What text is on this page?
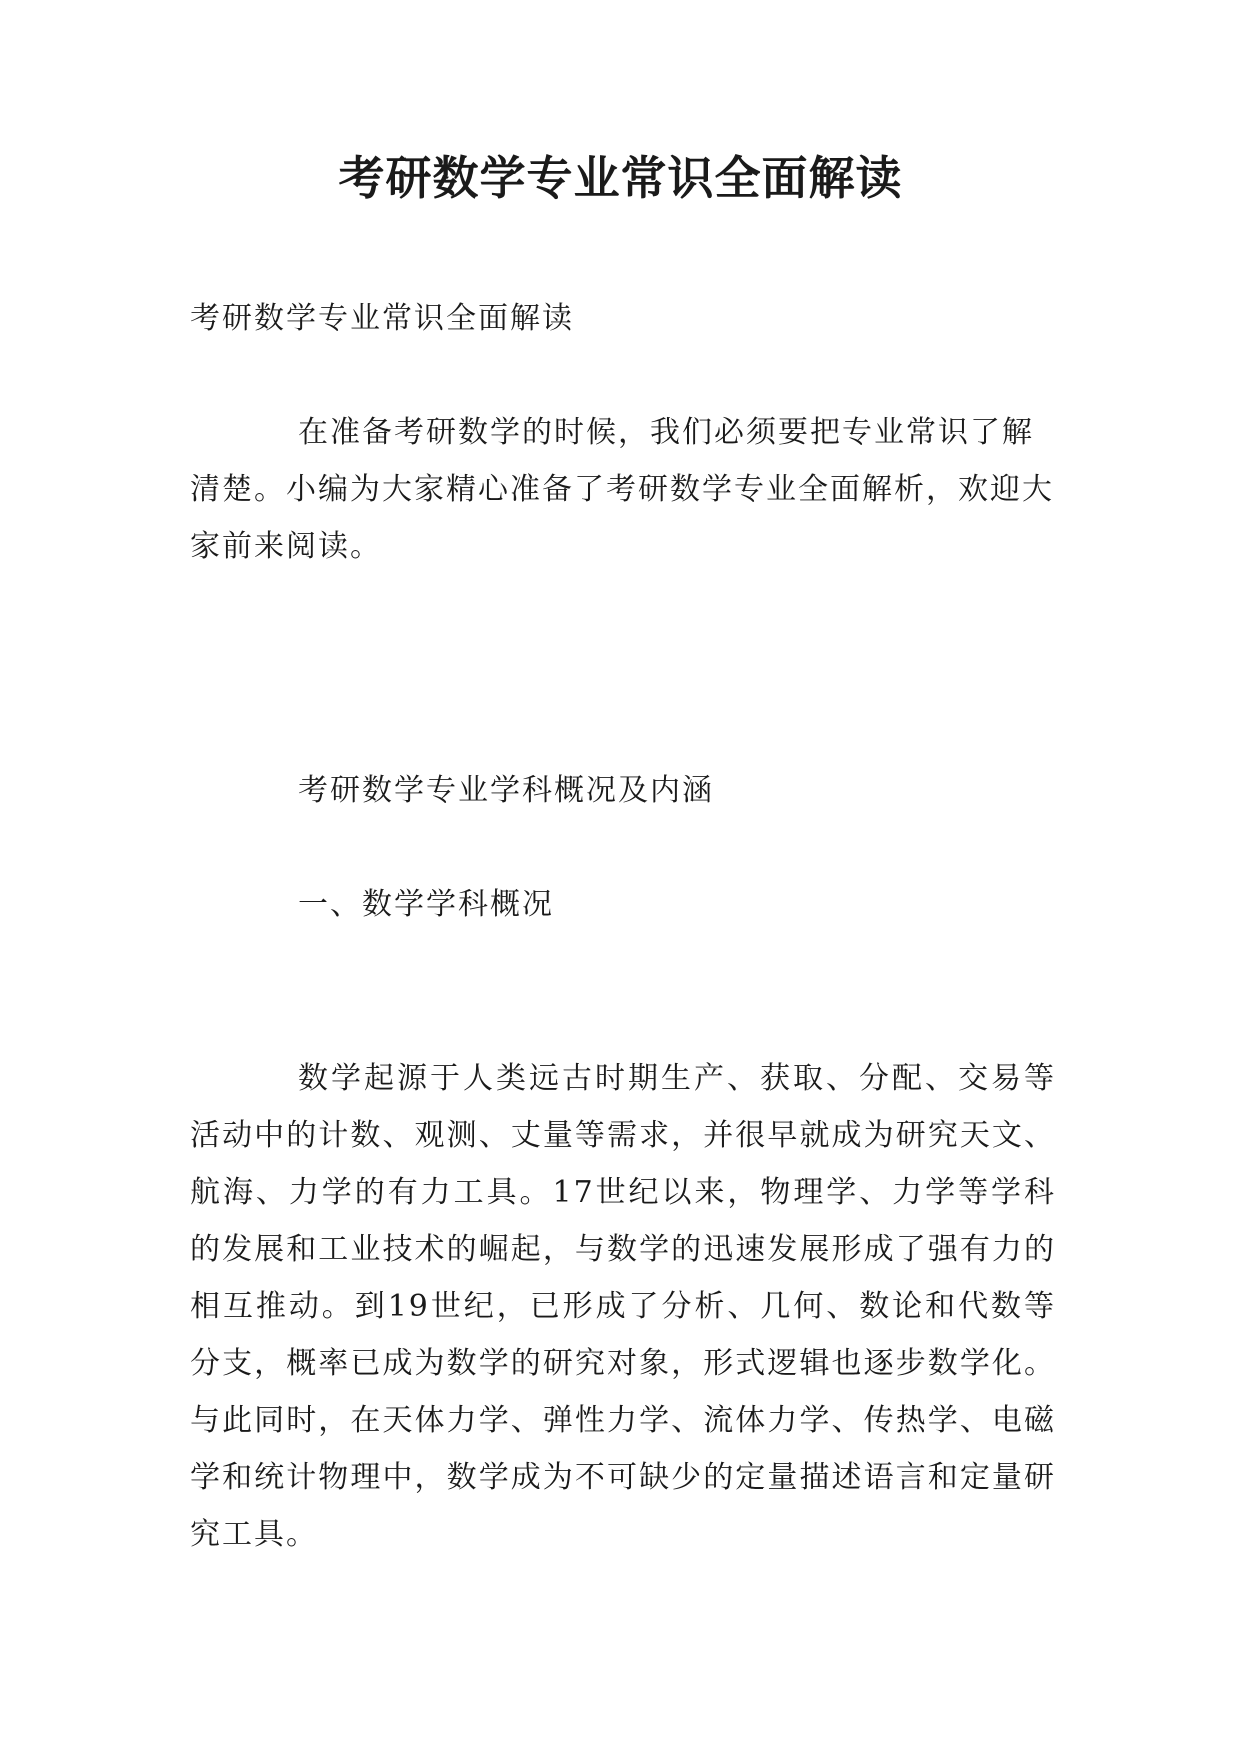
考研数学专业常识全面解读

考研数学专业常识全面解读

在准备考研数学的时候，我们必须要把专业常识了解清楚。小编为大家精心准备了考研数学专业全面解析，欢迎大家前来阅读。

考研数学专业学科概况及内涵

一、数学学科概况

数学起源于人类远古时期生产、获取、分配、交易等活动中的计数、观测、丈量等需求，并很早就成为研究天文、航海、力学的有力工具。17世纪以来，物理学、力学等学科的发展和工业技术的崛起，与数学的迅速发展形成了强有力的相互推动。到19世纪，已形成了分析、几何、数论和代数等分支，概率已成为数学的研究对象，形式逻辑也逐步数学化。与此同时，在天体力学、弹性力学、流体力学、传热学、电磁学和统计物理中，数学成为不可缺少的定量描述语言和定量研究工具。
